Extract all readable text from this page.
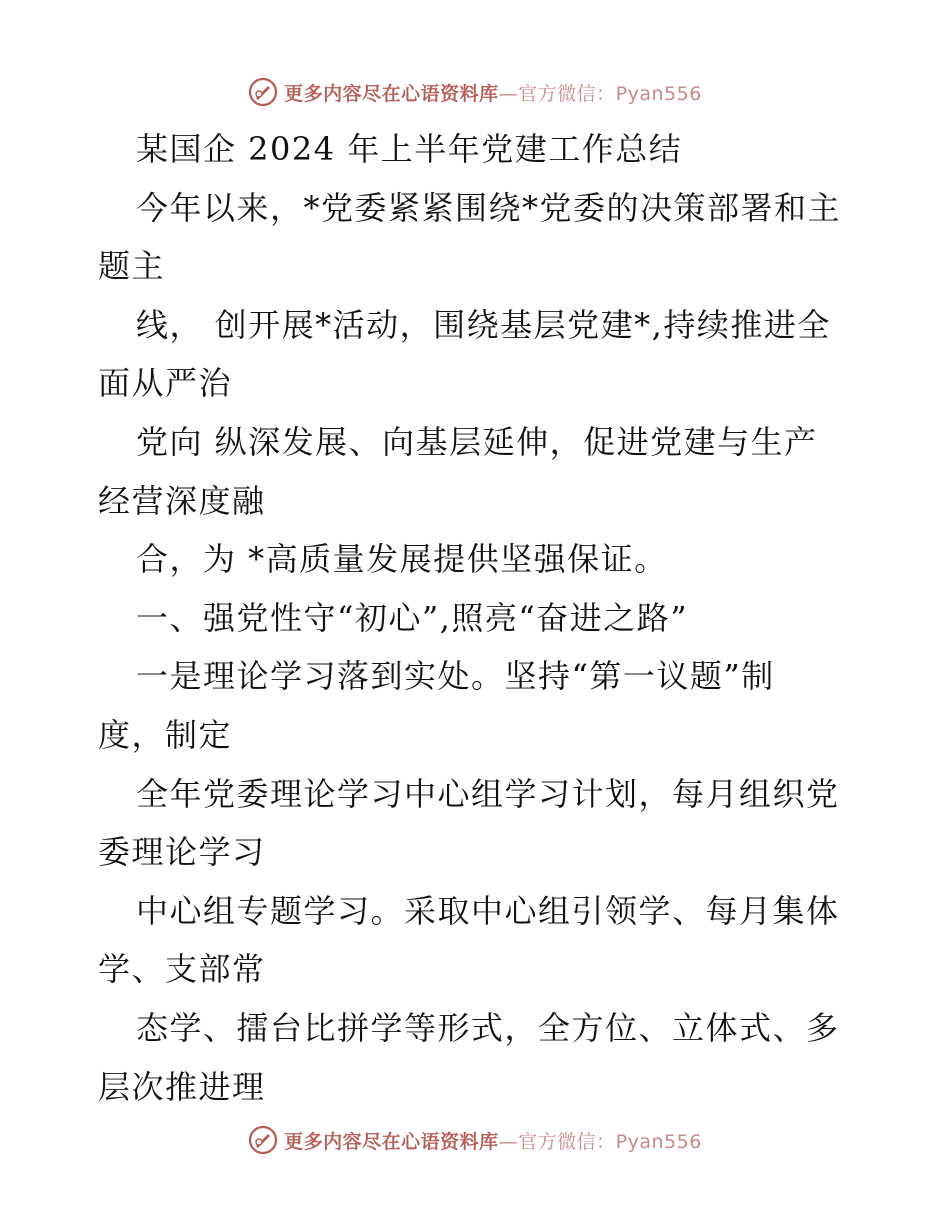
更多内容尽在心语资料库—官方微信：Pyan556
某国企 2024 年上半年党建工作总结
今年以来，*党委紧紧围绕*党委的决策部署和主
题主
线， 创开展*活动，围绕基层党建*,持续推进全
面从严治
党向 纵深发展、向基层延伸，促进党建与生产
经营深度融
合，为 *高质量发展提供坚强保证。
一、强党性守“初心”,照亮“奋进之路”
一是理论学习落到实处。坚持“第一议题”制
度，制定
全年党委理论学习中心组学习计划，每月组织党
委理论学习
中心组专题学习。采取中心组引领学、每月集体
学、支部常
态学、擂台比拼学等形式，全方位、立体式、多
层次推进理
更多内容尽在心语资料库—官方微信：Pyan556
